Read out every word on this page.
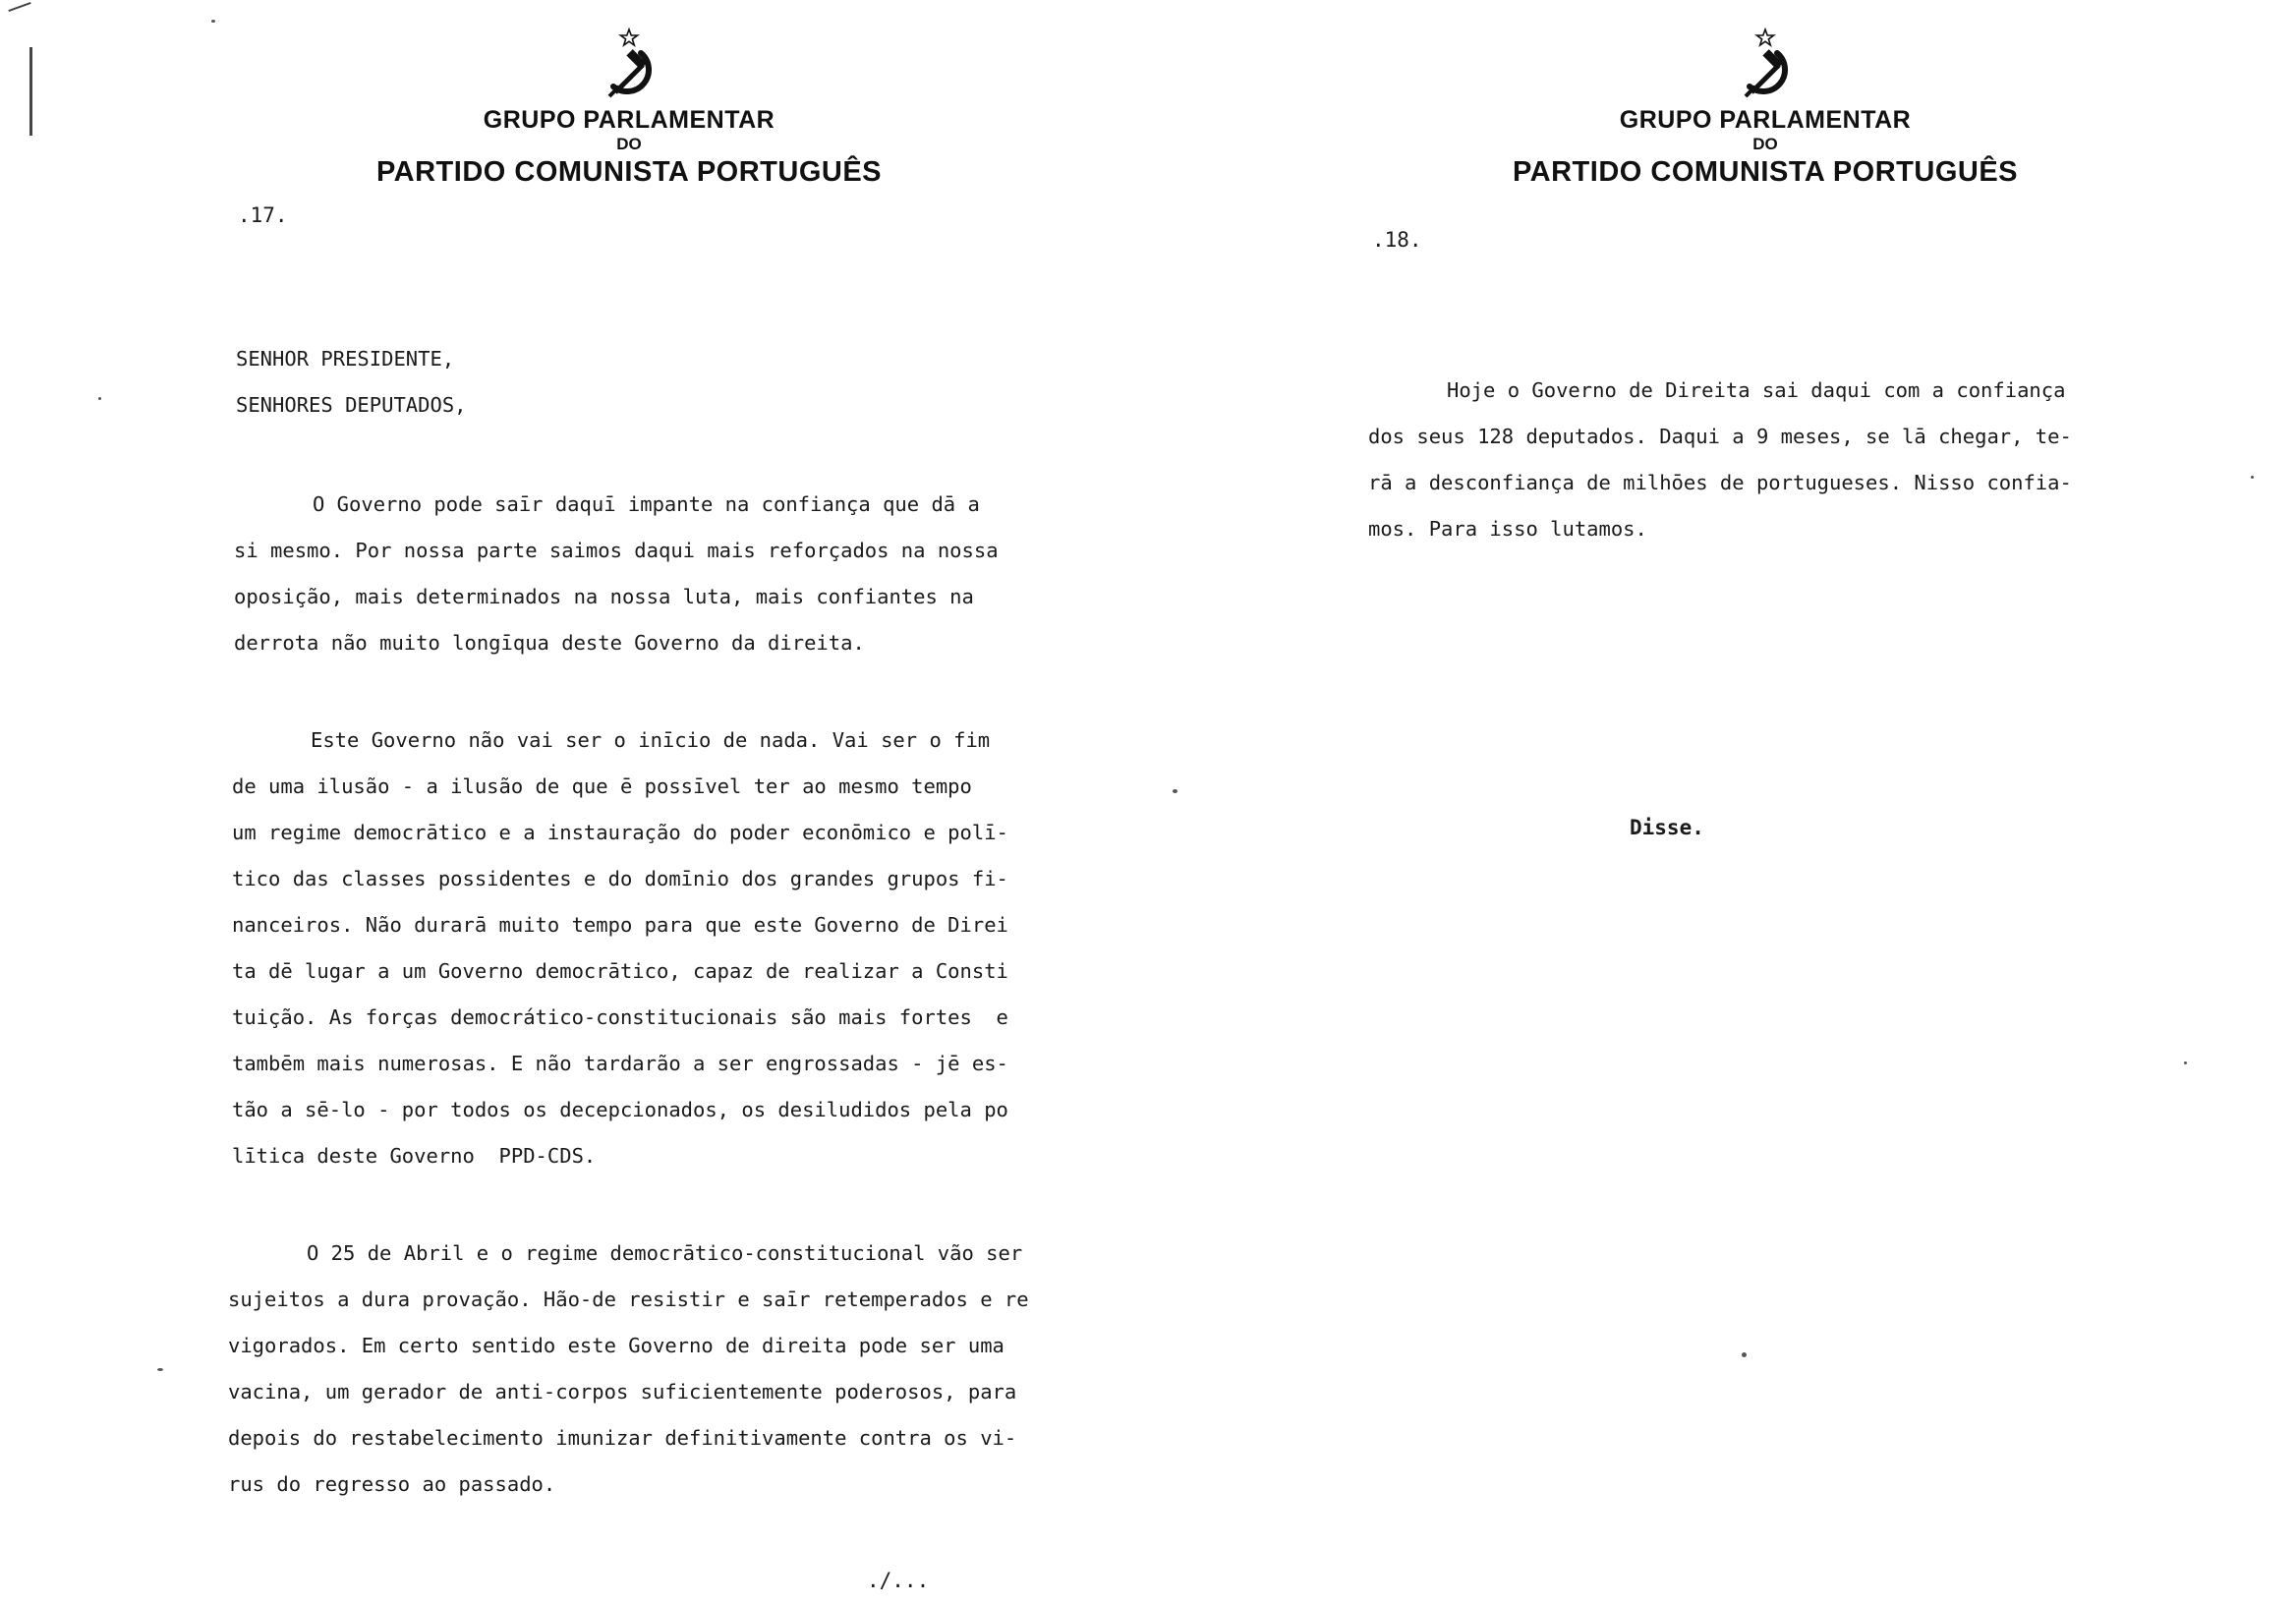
GRUPO PARLAMENTAR
DO
PARTIDO COMUNISTA PORTUGUÊS
.17.
SENHOR PRESIDENTE,
SENHORES DEPUTADOS,
O Governo pode saīr daquī impante na confiança que dā a
si mesmo. Por nossa parte saimos daqui mais reforçados na nossa
oposição, mais determinados na nossa luta, mais confiantes na
derrota não muito longīqua deste Governo da direita.
Este Governo não vai ser o inīcio de nada. Vai ser o fim
de uma ilusão - a ilusão de que ē possīvel ter ao mesmo tempo
um regime democrātico e a instauração do poder econōmico e polī-
tico das classes possidentes e do domīnio dos grandes grupos fi-
nanceiros. Não durarā muito tempo para que este Governo de Direi
ta dē lugar a um Governo democrātico, capaz de realizar a Consti
tuição. As forças democrático-constitucionais são mais fortes  e
tambēm mais numerosas. E não tardarão a ser engrossadas - jē es-
tão a sē-lo - por todos os decepcionados, os desiludidos pela po
lītica deste Governo  PPD-CDS.
O 25 de Abril e o regime democrātico-constitucional vão ser
sujeitos a dura provação. Hão-de resistir e saīr retemperados e re
vigorados. Em certo sentido este Governo de direita pode ser uma
vacina, um gerador de anti-corpos suficientemente poderosos, para
depois do restabelecimento imunizar definitivamente contra os vi-
rus do regresso ao passado.
./...
GRUPO PARLAMENTAR
DO
PARTIDO COMUNISTA PORTUGUÊS
.18.
Hoje o Governo de Direita sai daqui com a confiança
dos seus 128 deputados. Daqui a 9 meses, se lā chegar, te-
rā a desconfiança de milhōes de portugueses. Nisso confia-
mos. Para isso lutamos.
Disse.
